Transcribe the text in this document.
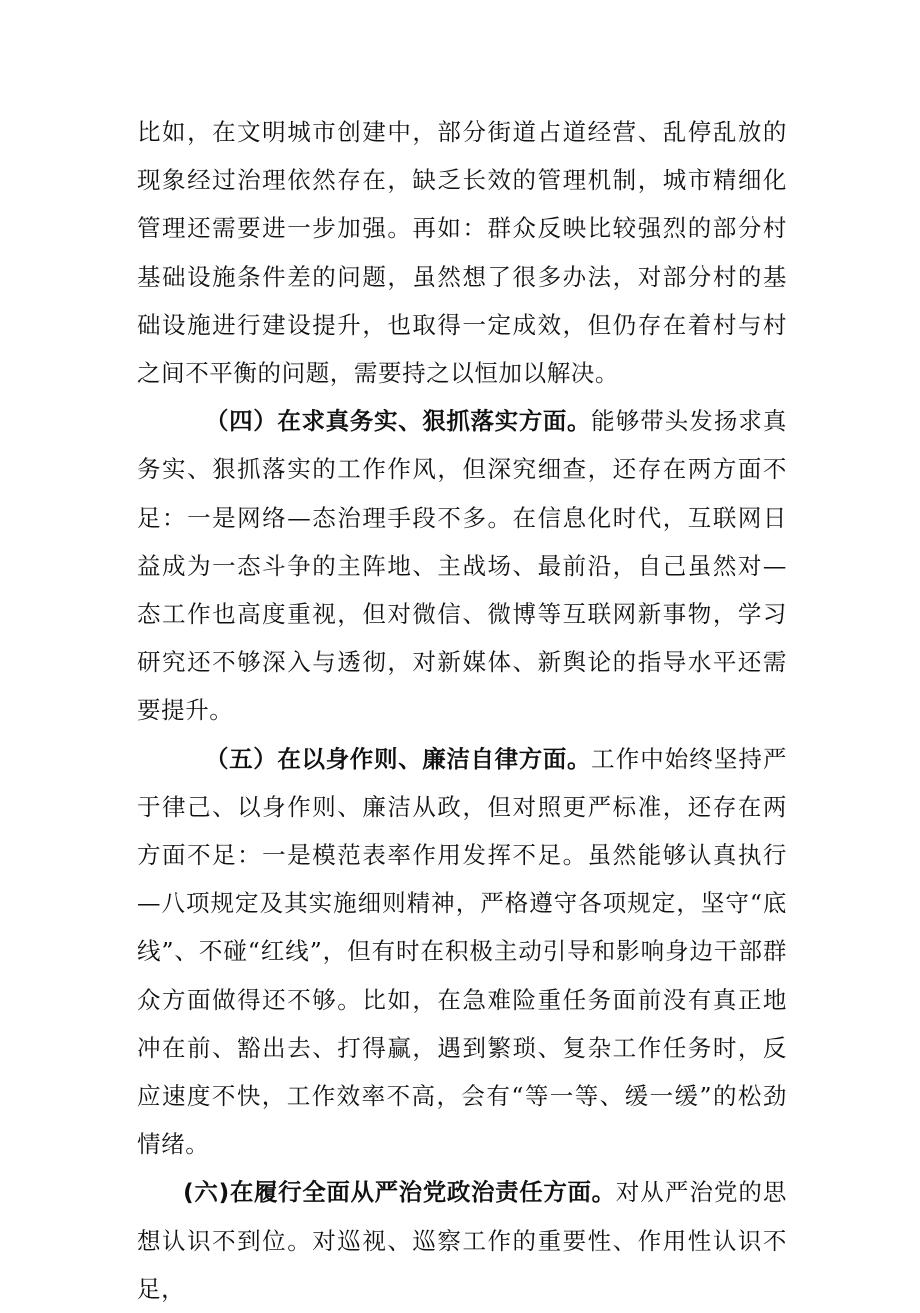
比如，在文明城市创建中，部分街道占道经营、乱停乱放的现象经过治理依然存在，缺乏长效的管理机制，城市精细化管理还需要进一步加强。再如：群众反映比较强烈的部分村基础设施条件差的问题，虽然想了很多办法，对部分村的基础设施进行建设提升，也取得一定成效，但仍存在着村与村之间不平衡的问题，需要持之以恒加以解决。

（四）在求真务实、狠抓落实方面。能够带头发扬求真务实、狠抓落实的工作作风，但深究细查，还存在两方面不足：一是网络—态治理手段不多。在信息化时代，互联网日益成为一态斗争的主阵地、主战场、最前沿，自己虽然对—态工作也高度重视，但对微信、微博等互联网新事物，学习研究还不够深入与透彻，对新媒体、新舆论的指导水平还需要提升。

（五）在以身作则、廉洁自律方面。工作中始终坚持严于律己、以身作则、廉洁从政，但对照更严标准，还存在两方面不足：一是模范表率作用发挥不足。虽然能够认真执行—八项规定及其实施细则精神，严格遵守各项规定，坚守“底线”、不碰“红线”，但有时在积极主动引导和影响身边干部群众方面做得还不够。比如，在急难险重任务面前没有真正地冲在前、豁出去、打得赢，遇到繁琐、复杂工作任务时，反应速度不快，工作效率不高，会有“等一等、缓一缓”的松劲情绪。

(六)在履行全面从严治党政治责任方面。对从严治党的思想认识不到位。对巡视、巡察工作的重要性、作用性认识不足，
